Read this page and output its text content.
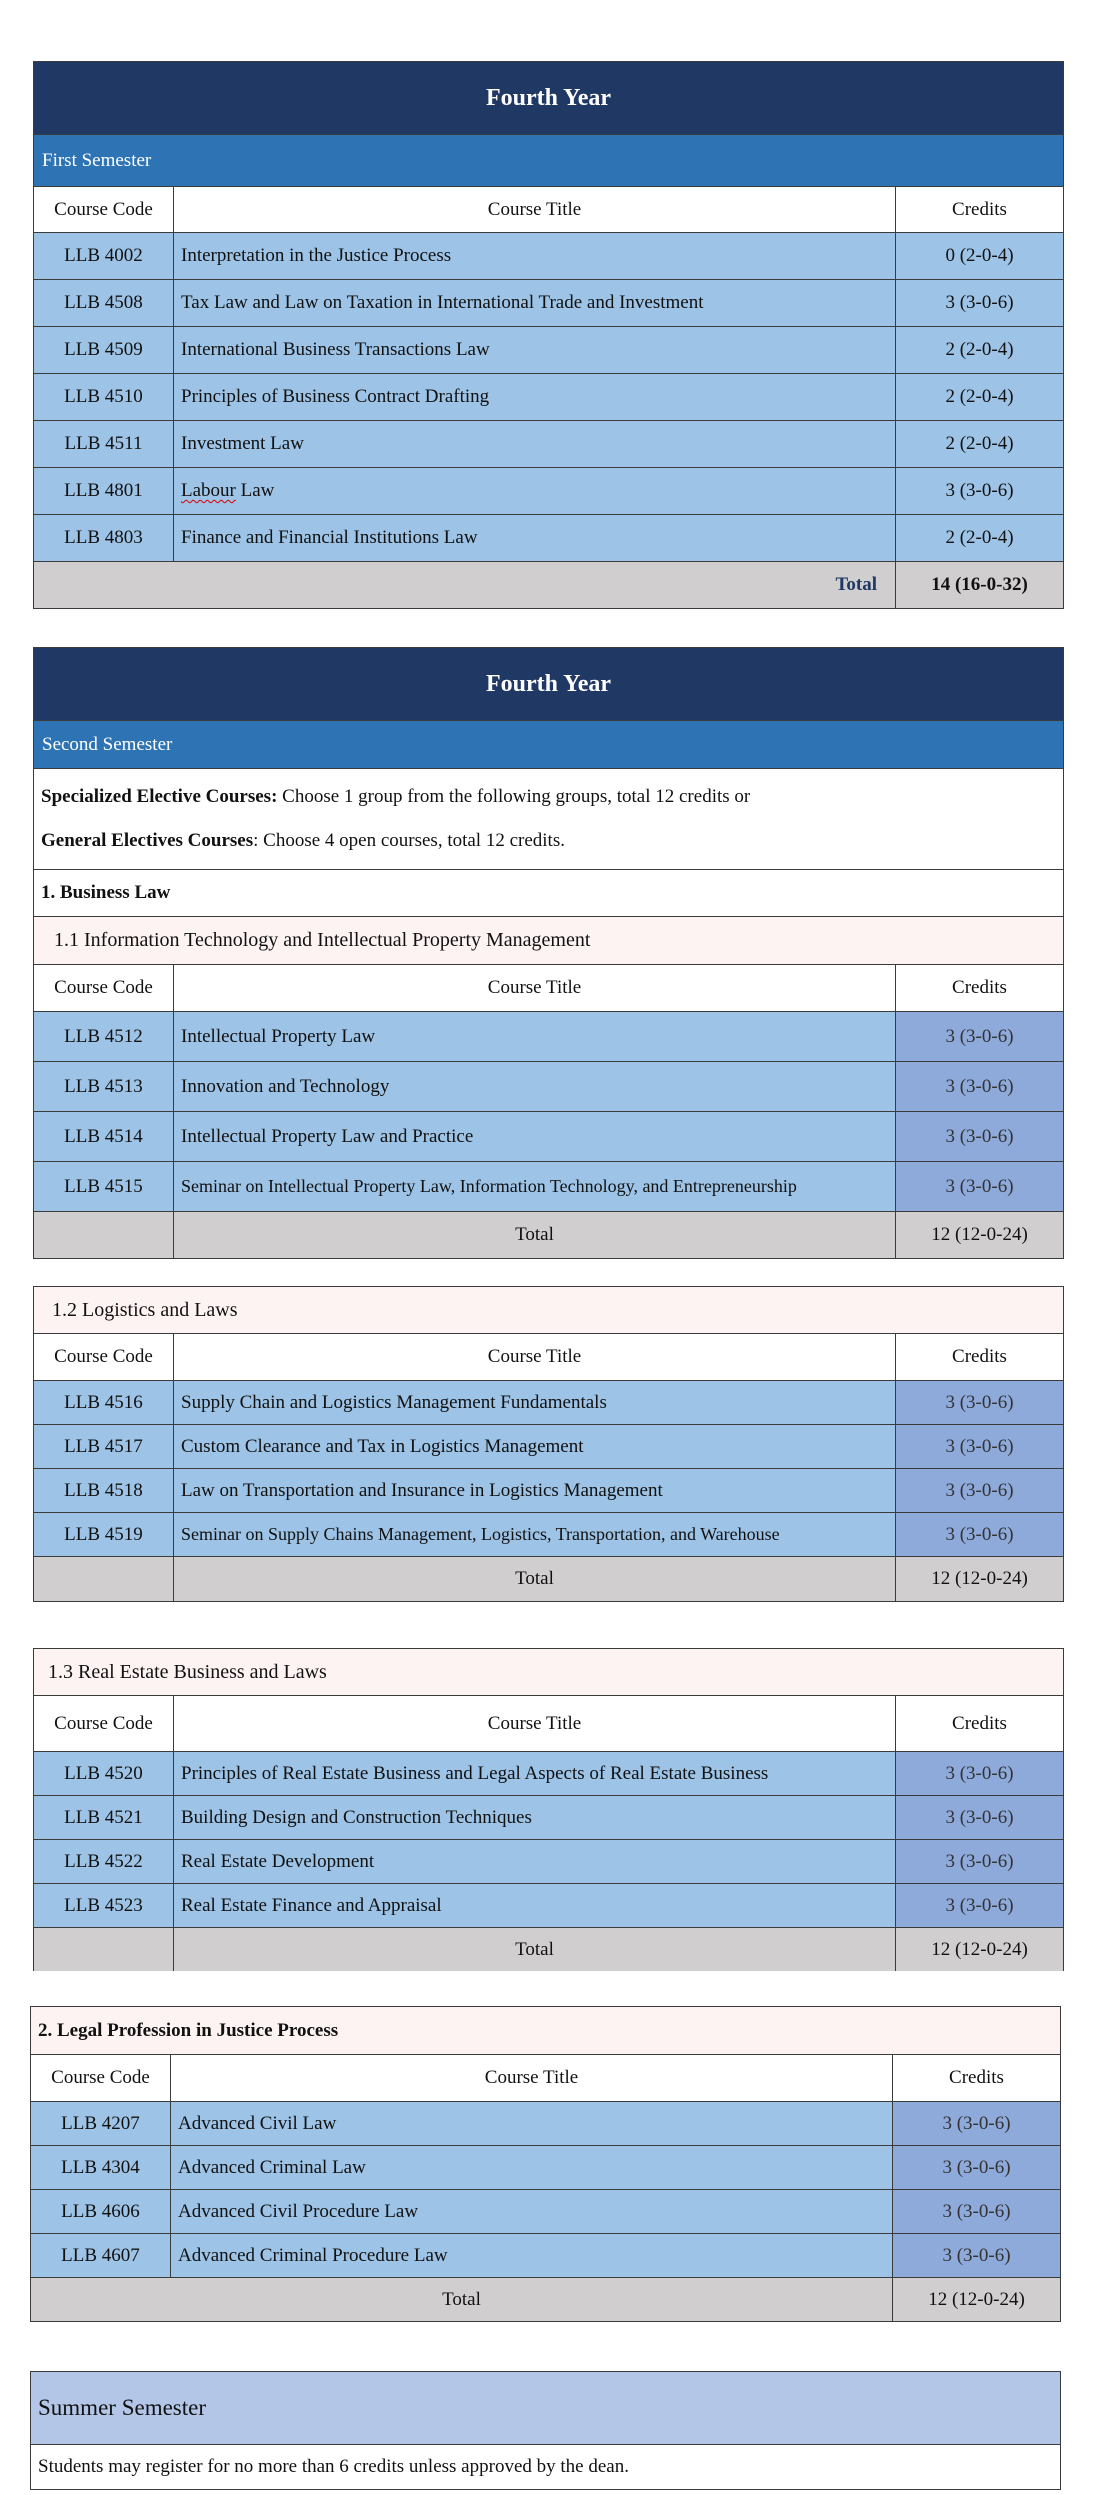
Fourth Year
First Semester
Course Code	Course Title	Credits
LLB 4002	Interpretation in the Justice Process	0 (2-0-4)
LLB 4508	Tax Law and Law on Taxation in International Trade and Investment	3 (3-0-6)
LLB 4509	International Business Transactions Law	2 (2-0-4)
LLB 4510	Principles of Business Contract Drafting	2 (2-0-4)
LLB 4511	Investment Law	2 (2-0-4)
LLB 4801	Labour Law	3 (3-0-6)
LLB 4803	Finance and Financial Institutions Law	2 (2-0-4)
Total	14 (16-0-32)
Fourth Year
Second Semester
Specialized Elective Courses: Choose 1 group from the following groups, total 12 credits or
General Electives Courses: Choose 4 open courses, total 12 credits.
1. Business Law
1.1 Information Technology and Intellectual Property Management
Course Code	Course Title	Credits
LLB 4512	Intellectual Property Law	3 (3-0-6)
LLB 4513	Innovation and Technology	3 (3-0-6)
LLB 4514	Intellectual Property Law and Practice	3 (3-0-6)
LLB 4515	Seminar on Intellectual Property Law, Information Technology, and Entrepreneurship	3 (3-0-6)
Total	12 (12-0-24)
1.2 Logistics and Laws
Course Code	Course Title	Credits
LLB 4516	Supply Chain and Logistics Management Fundamentals	3 (3-0-6)
LLB 4517	Custom Clearance and Tax in Logistics Management	3 (3-0-6)
LLB 4518	Law on Transportation and Insurance in Logistics Management	3 (3-0-6)
LLB 4519	Seminar on Supply Chains Management, Logistics, Transportation, and Warehouse	3 (3-0-6)
Total	12 (12-0-24)
1.3 Real Estate Business and Laws
Course Code	Course Title	Credits
LLB 4520	Principles of Real Estate Business and Legal Aspects of Real Estate Business	3 (3-0-6)
LLB 4521	Building Design and Construction Techniques	3 (3-0-6)
LLB 4522	Real Estate Development	3 (3-0-6)
LLB 4523	Real Estate Finance and Appraisal	3 (3-0-6)
Total	12 (12-0-24)
2. Legal Profession in Justice Process
Course Code	Course Title	Credits
LLB 4207	Advanced Civil Law	3 (3-0-6)
LLB 4304	Advanced Criminal Law	3 (3-0-6)
LLB 4606	Advanced Civil Procedure Law	3 (3-0-6)
LLB 4607	Advanced Criminal Procedure Law	3 (3-0-6)
Total	12 (12-0-24)
Summer Semester
Students may register for no more than 6 credits unless approved by the dean.
